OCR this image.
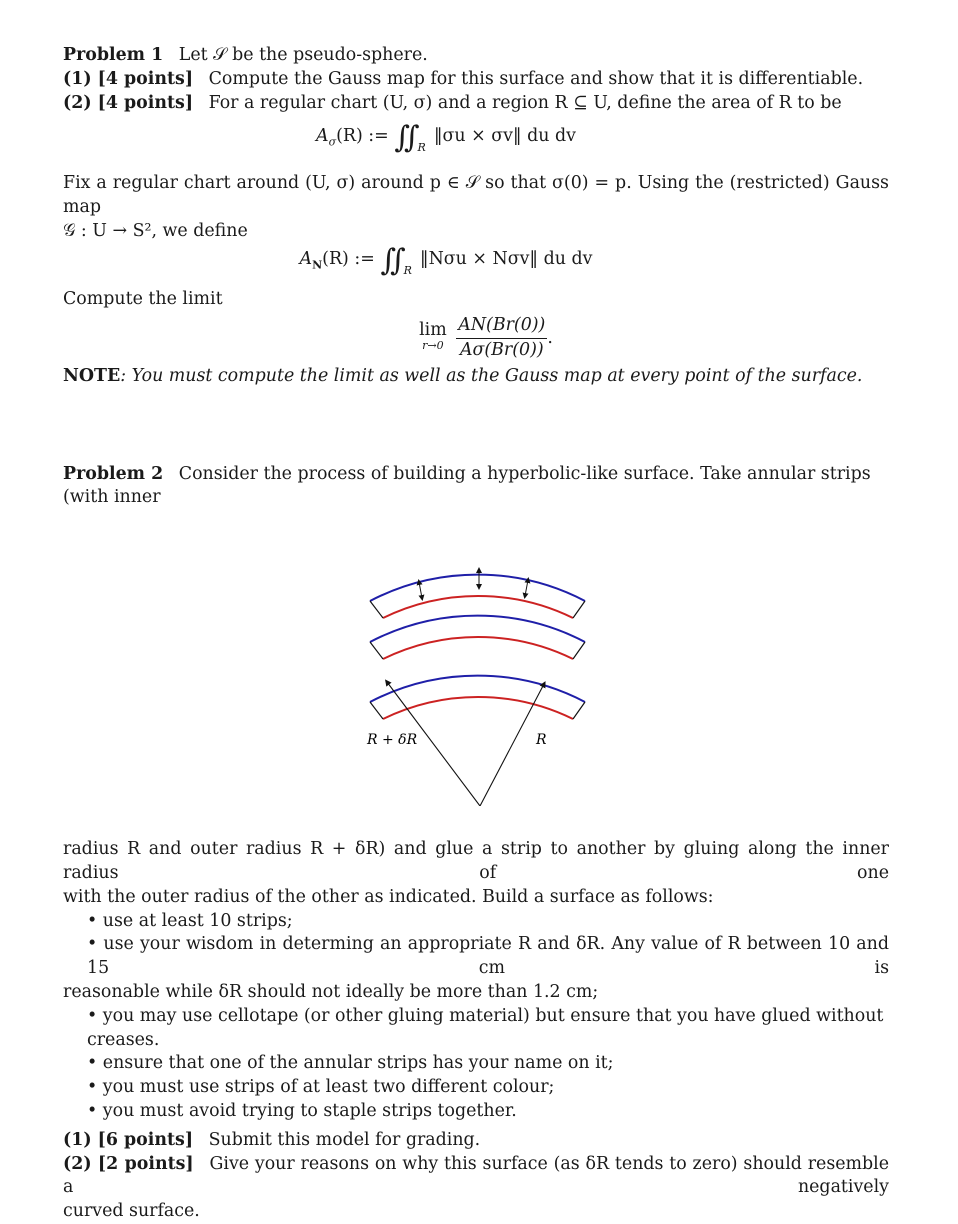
Problem 1 Let 𝒮 be the pseudo-sphere.
(1) [4 points] Compute the Gauss map for this surface and show that it is differentiable.
(2) [4 points] For a regular chart (U, σ) and a region R ⊆ U, define the area of R to be
$A_\sigma(R)$ := ∫∫ $_R$‖σu × σv‖ du dv
Fix a regular chart around (U, σ) around p ∈ 𝒮 so that σ(0) = p. Using the (restricted) Gauss map
𝒢 : U → S², we define
$A_N(R)$ := ∫∫ $_R$‖Nσu × Nσv‖ du dv
Compute the limit
lim
r→0
$\frac{AN(Br(0))}{A\sigma(Br(0))}$ .
NOTE: You must compute the limit as well as the Gauss map at every point of the surface.
Problem 2 Consider the process of building a hyperbolic-like surface. Take annular strips (with inner
R + δR	R
radius R and outer radius R + δR) and glue a strip to another by gluing along the inner radius of one
with the outer radius of the other as indicated. Build a surface as follows:
• use at least 10 strips;
• use your wisdom in determing an appropriate R and δR. Any value of R between 10 and 15 cm is
reasonable while δR should not ideally be more than 1.2 cm;
• you may use cellotape (or other gluing material) but ensure that you have glued without creases.
• ensure that one of the annular strips has your name on it;
• you must use strips of at least two different colour;
• you must avoid trying to staple strips together.
(1) [6 points] Submit this model for grading.
(2) [2 points] Give your reasons on why this surface (as δR tends to zero) should resemble a negatively
curved surface.
